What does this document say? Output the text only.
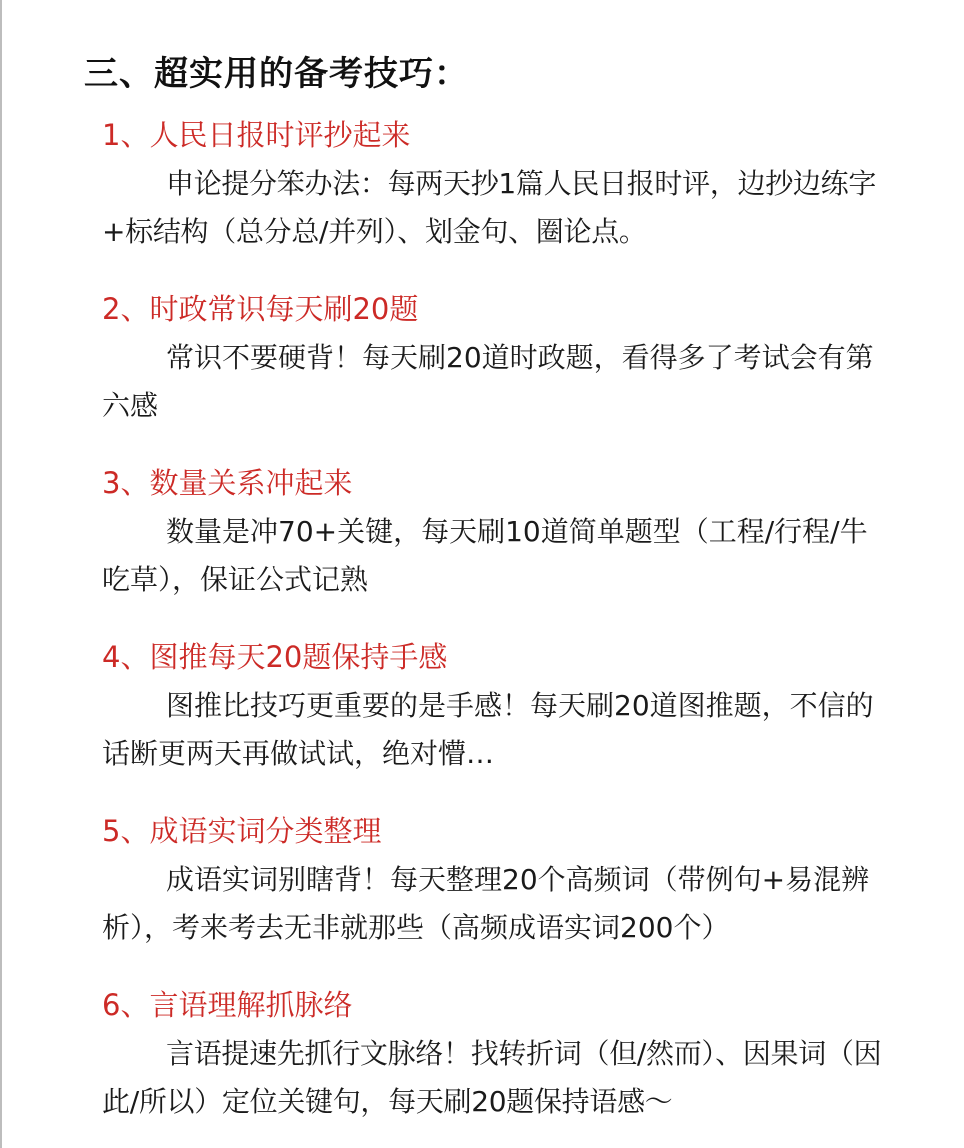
三、超实用的备考技巧：
1、人民日报时评抄起来
申论提分笨办法：每两天抄1篇人民日报时评，边抄边练字+标结构（总分总/并列）、划金句、圈论点。
2、时政常识每天刷20题
常识不要硬背！每天刷20道时政题，看得多了考试会有第六感
3、数量关系冲起来
数量是冲70+关键，每天刷10道简单题型（工程/行程/牛吃草），保证公式记熟
4、图推每天20题保持手感
图推比技巧更重要的是手感！每天刷20道图推题，不信的话断更两天再做试试，绝对懵…
5、成语实词分类整理
成语实词别瞎背！每天整理20个高频词（带例句+易混辨析），考来考去无非就那些（高频成语实词200个）
6、言语理解抓脉络
言语提速先抓行文脉络！找转折词（但/然而）、因果词（因此/所以）定位关键句，每天刷20题保持语感～
